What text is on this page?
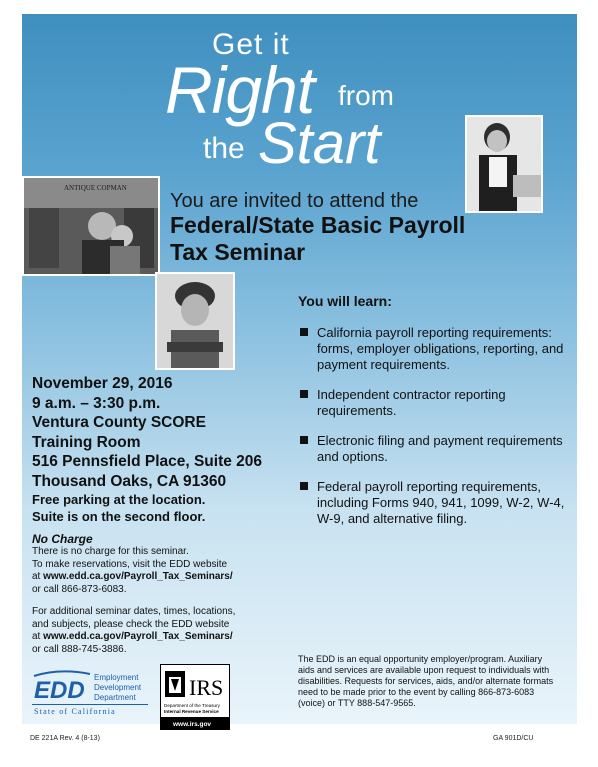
Get it
Right from
the Start
ANTIQUE COPMAN
You are invited to attend the
Federal/State Basic Payroll
Tax Seminar
You will learn:
California payroll reporting requirements: forms, employer obligations, reporting, and payment requirements.
Independent contractor reporting requirements.
Electronic filing and payment requirements and options.
Federal payroll reporting requirements, including Forms 940, 941, 1099, W-2, W-4, W-9, and alternative filing.
November 29, 2016
9 a.m. – 3:30 p.m.
Ventura County SCORE
Training Room
516 Pennsfield Place, Suite 206
Thousand Oaks, CA 91360
Free parking at the location.
Suite is on the second floor.
No Charge
There is no charge for this seminar.
To make reservations, visit the EDD website
at www.edd.ca.gov/Payroll_Tax_Seminars/
or call 866-873-6083.
For additional seminar dates, times, locations,
and subjects, please check the EDD website
at www.edd.ca.gov/Payroll_Tax_Seminars/
or call 888-745-3886.
The EDD is an equal opportunity employer/program. Auxiliary aids and services are available upon request to individuals with disabilities. Requests for services, aids, and/or alternate formats need to be made prior to the event by calling 866-873-6083 (voice) or TTY 888-547-9565.
EDD Employment
Development
Department
State of California
IRS
Department of the Treasury
Internal Revenue Service
www.irs.gov
DE 221A Rev. 4 (8-13)	GA 901D/CU
